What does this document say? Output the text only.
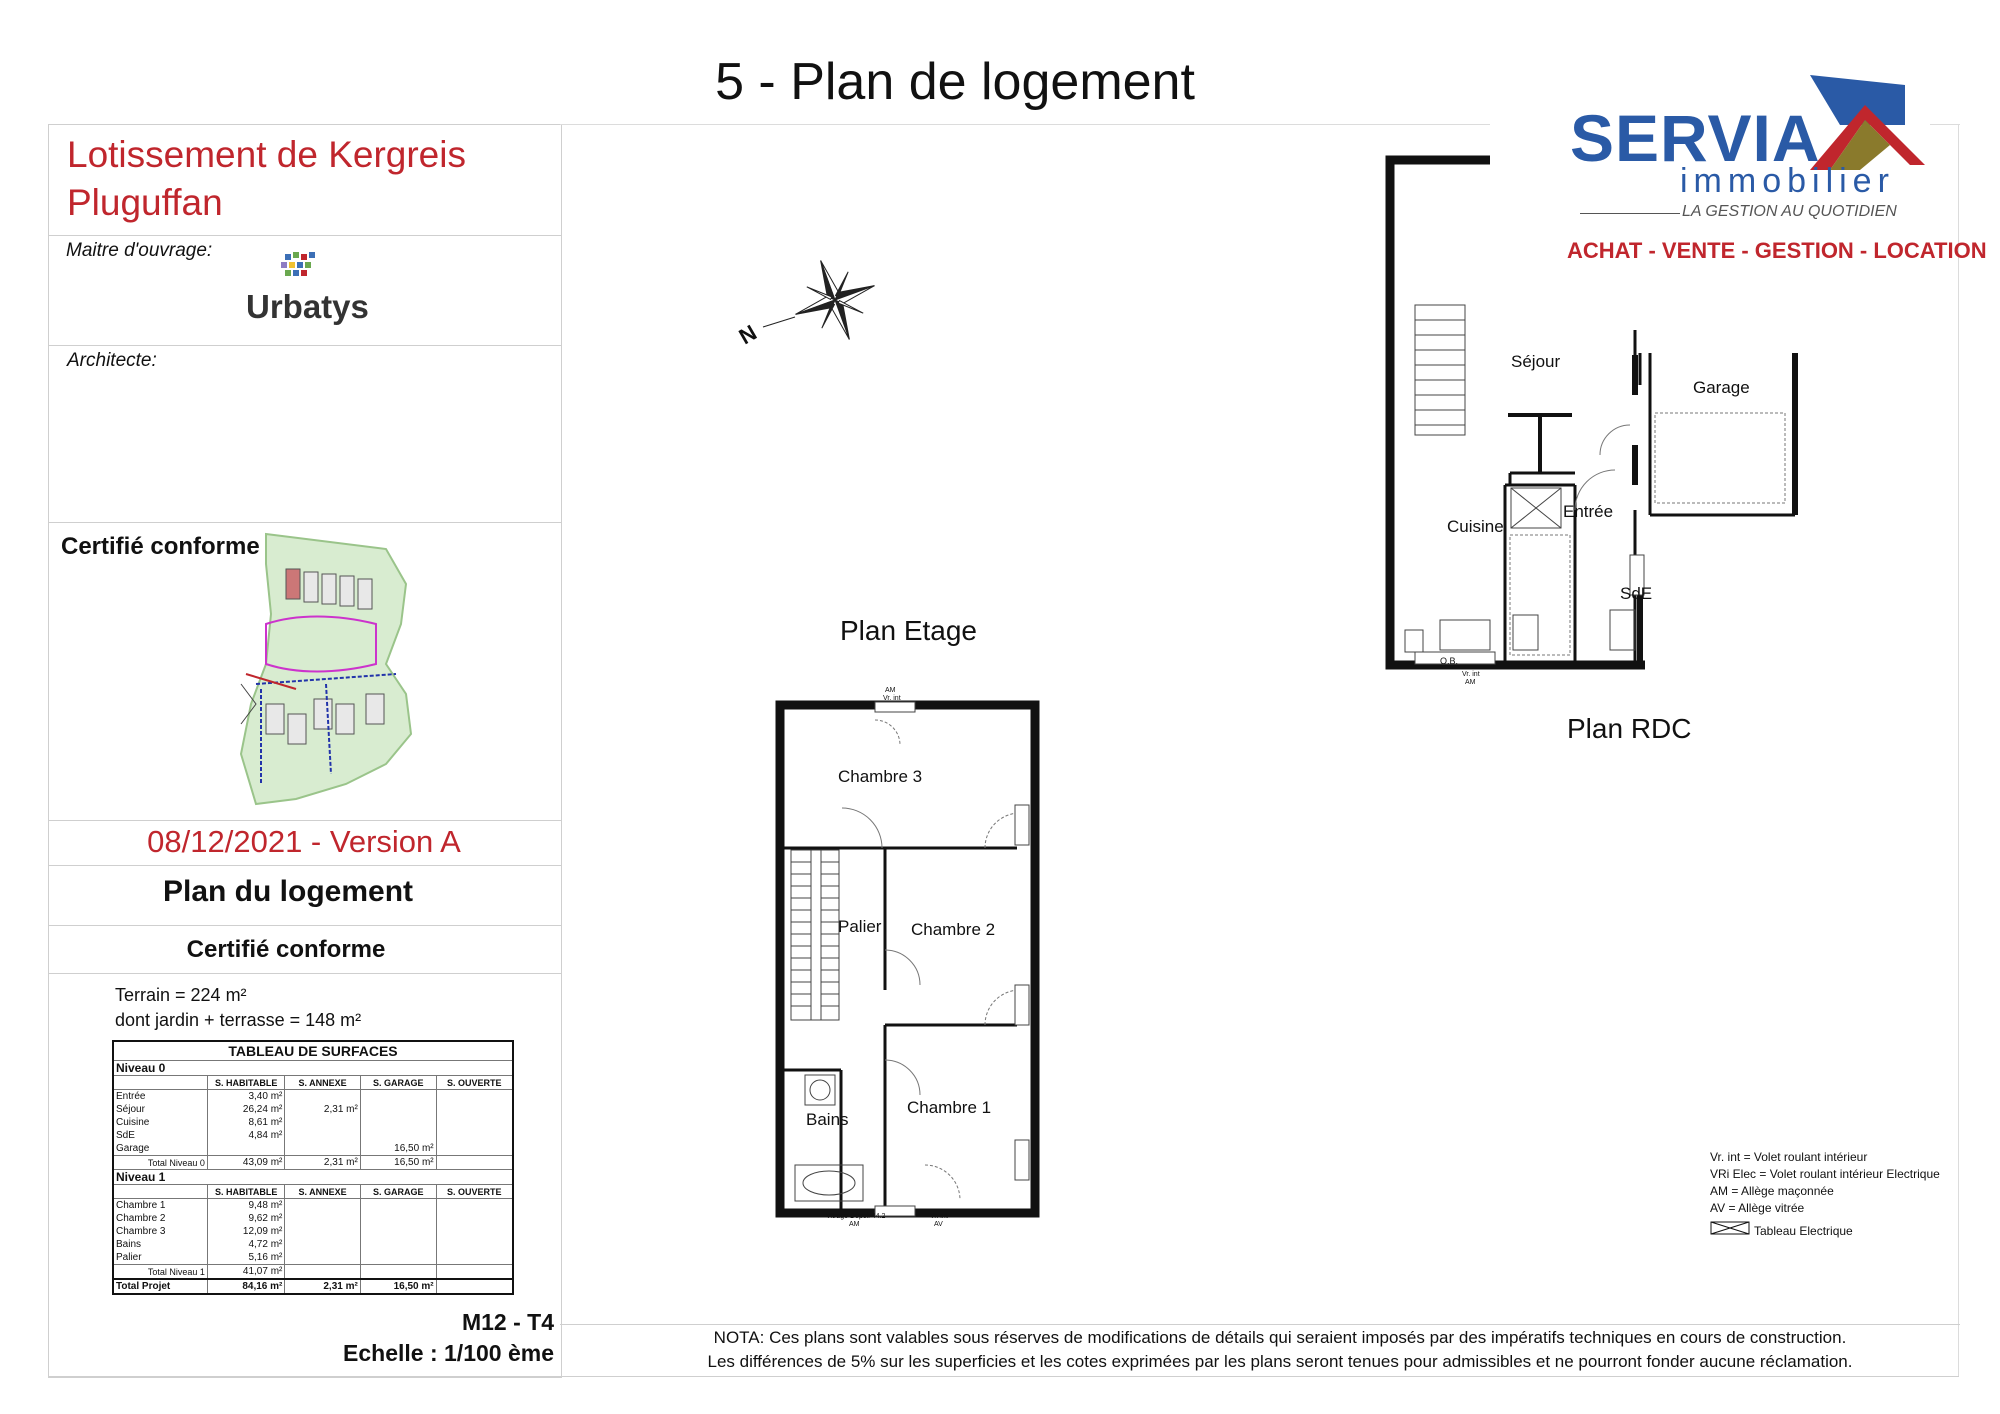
5 - Plan de logement
Lotissement de Kergreis
Pluguffan
Maitre d'ouvrage:
Urbatys
Architecte:
Certifié conforme
08/12/2021 - Version A
Plan du logement
Certifié conforme
Terrain = 224 m²
dont jardin + terrasse = 148 m²
TABLEAU DE SURFACES				
Niveau 0				
	S. HABITABLE	S. ANNEXE	S. GARAGE	S. OUVERTE
Entrée	3,40 m²			
Séjour	26,24 m²	2,31 m²		
Cuisine	8,61 m²			
SdE	4,84 m²			
Garage			16,50 m²	
Total Niveau 0	43,09 m²	2,31 m²	16,50 m²	
Niveau 1				
	S. HABITABLE	S. ANNEXE	S. GARAGE	S. OUVERTE
Chambre 1	9,48 m²			
Chambre 2	9,62 m²			
Chambre 3	12,09 m²			
Bains	4,72 m²			
Palier	5,16 m²			
Total Niveau 1	41,07 m²			
Total Projet	84,16 m²	2,31 m²	16,50 m²	
M12 - T4
Echelle : 1/100 ème
N
Plan Etage
Chambre 3
Palier Chambre 2
Bains
Chambre 1
AM
Vr. int
Vitrage Dépoli 44.2
AM
Vr. int
AV
Plan RDC
Séjour
Garage
Cuisine
Entrée
SdE
O.B.
Vr. int
AM
SERVIA
immobilier
LA GESTION AU QUOTIDIEN
ACHAT - VENTE - GESTION - LOCATION
Vr. int = Volet roulant intérieur
VRi Elec = Volet roulant intérieur Electrique
AM = Allège maçonnée
AV = Allège vitrée
Tableau Electrique
NOTA: Ces plans sont valables sous réserves de modifications de détails qui seraient imposés par des impératifs techniques en cours de construction.
Les différences de 5% sur les superficies et les cotes exprimées par les plans seront tenues pour admissibles et ne pourront fonder aucune réclamation.
